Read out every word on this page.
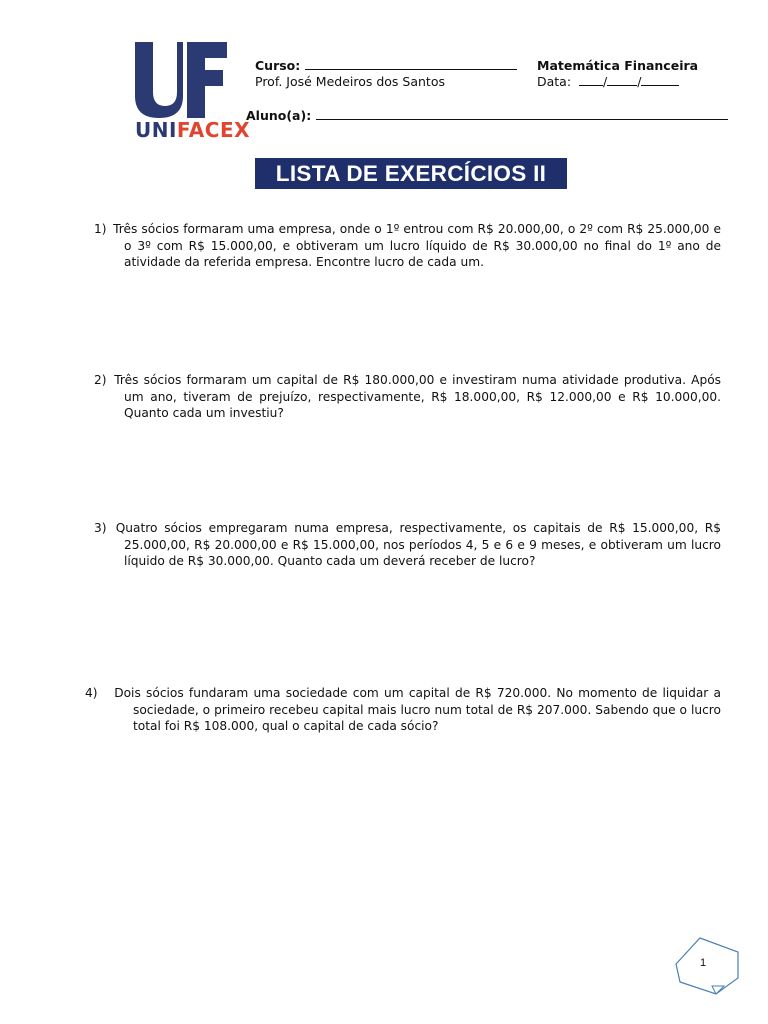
UNIFACEX
Curso:	Matemática Financeira
Prof. José Medeiros dos Santos	Data:	/ /
Aluno(a):
LISTA DE EXERCÍCIOS II
1) Três sócios formaram uma empresa, onde o 1º entrou com R$ 20.000,00, o 2º com R$ 25.000,00 e o 3º com R$ 15.000,00, e obtiveram um lucro líquido de R$ 30.000,00 no final do 1º ano de atividade da referida empresa. Encontre lucro de cada um.
2) Três sócios formaram um capital de R$ 180.000,00 e investiram numa atividade produtiva. Após um ano, tiveram de prejuízo, respectivamente, R$ 18.000,00, R$ 12.000,00 e R$ 10.000,00. Quanto cada um investiu?
3) Quatro sócios empregaram numa empresa, respectivamente, os capitais de R$ 15.000,00, R$ 25.000,00, R$ 20.000,00 e R$ 15.000,00, nos períodos 4, 5 e 6 e 9 meses, e obtiveram um lucro líquido de R$ 30.000,00. Quanto cada um deverá receber de lucro?
4) Dois sócios fundaram uma sociedade com um capital de R$ 720.000. No momento de liquidar a sociedade, o primeiro recebeu capital mais lucro num total de R$ 207.000. Sabendo que o lucro total foi R$ 108.000, qual o capital de cada sócio?
1
